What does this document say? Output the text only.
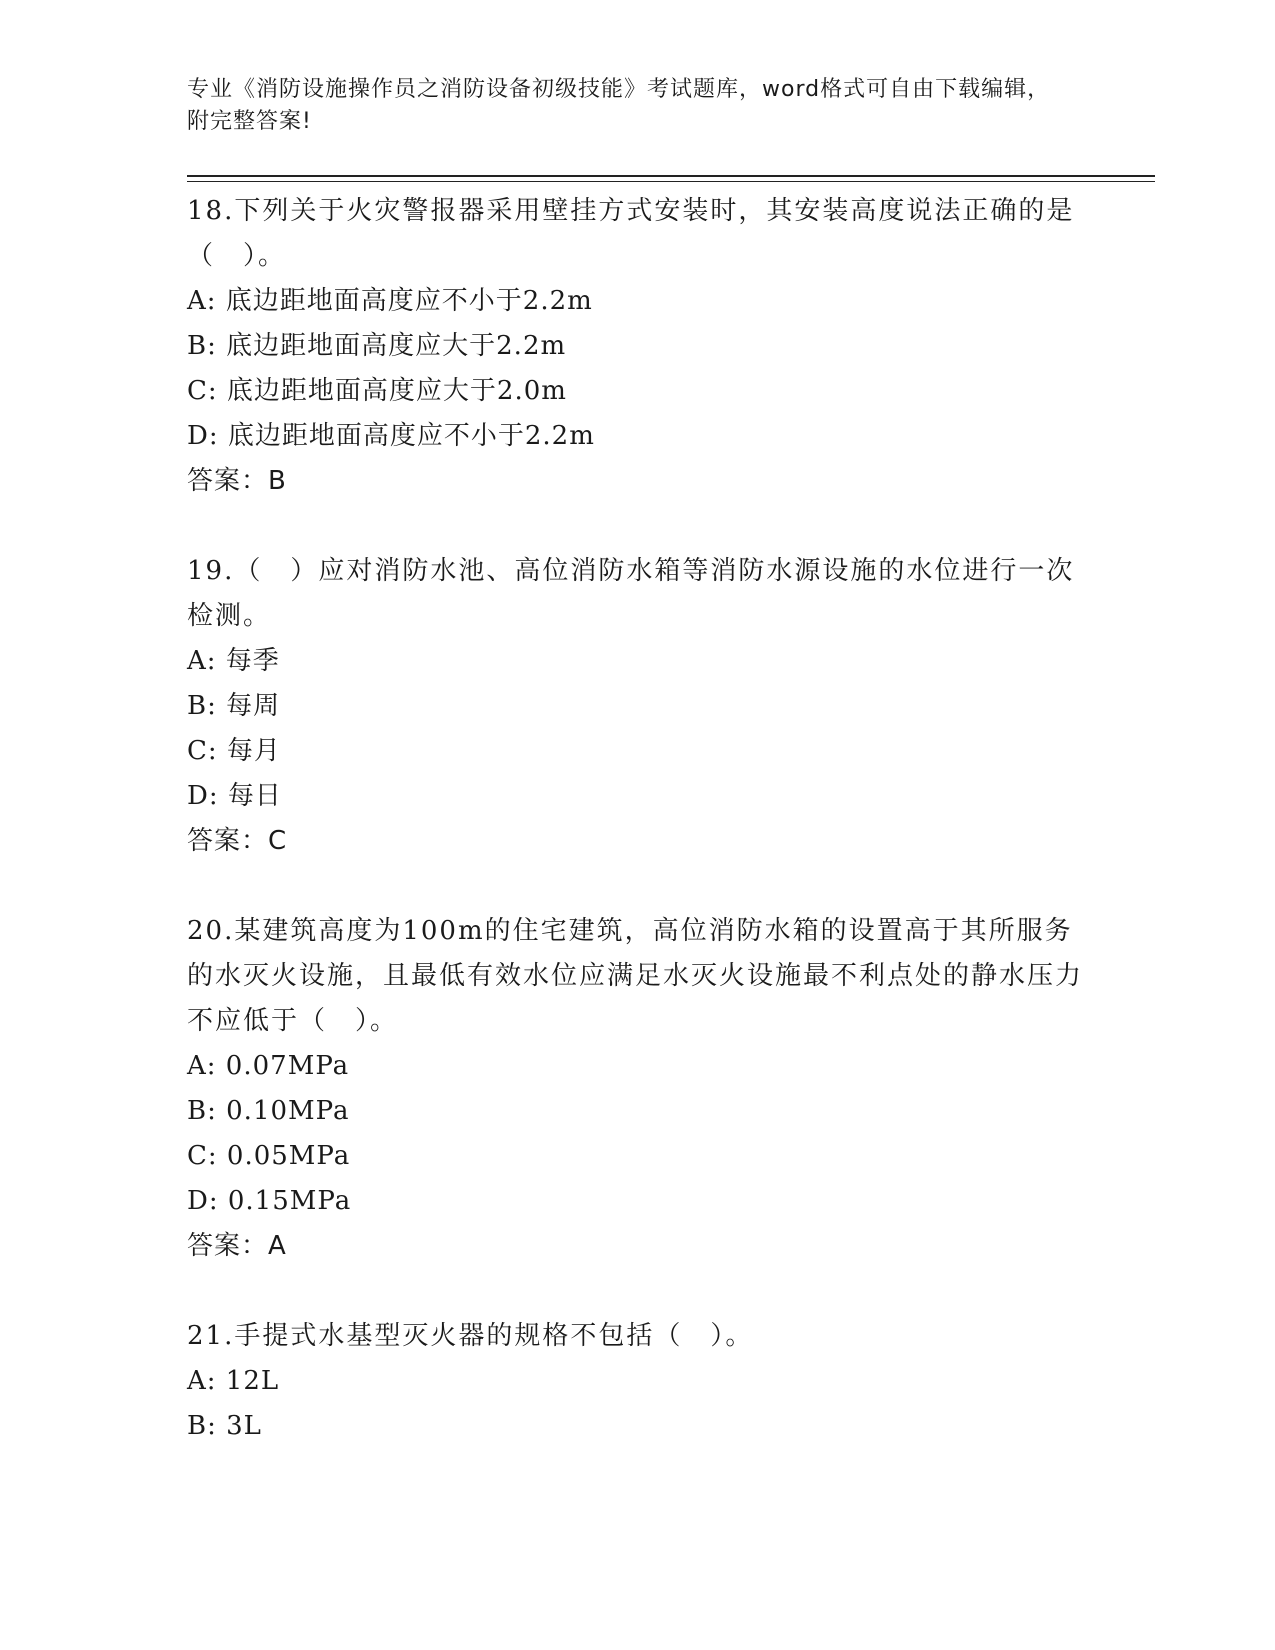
专业《消防设施操作员之消防设备初级技能》考试题库，word格式可自由下载编辑，附完整答案!

18.下列关于火灾警报器采用壁挂方式安装时，其安装高度说法正确的是（　）。

A: 底边距地面高度应不小于2.2m

B: 底边距地面高度应大于2.2m

C: 底边距地面高度应大于2.0m

D: 底边距地面高度应不小于2.2m

答案：B

19.（　）应对消防水池、高位消防水箱等消防水源设施的水位进行一次检测。

A: 每季

B: 每周

C: 每月

D: 每日

答案：C

20.某建筑高度为100m的住宅建筑，高位消防水箱的设置高于其所服务的水灭火设施，且最低有效水位应满足水灭火设施最不利点处的静水压力不应低于（　）。

A: 0.07MPa

B: 0.10MPa

C: 0.05MPa

D: 0.15MPa

答案：A

21.手提式水基型灭火器的规格不包括（　）。

A: 12L

B: 3L
